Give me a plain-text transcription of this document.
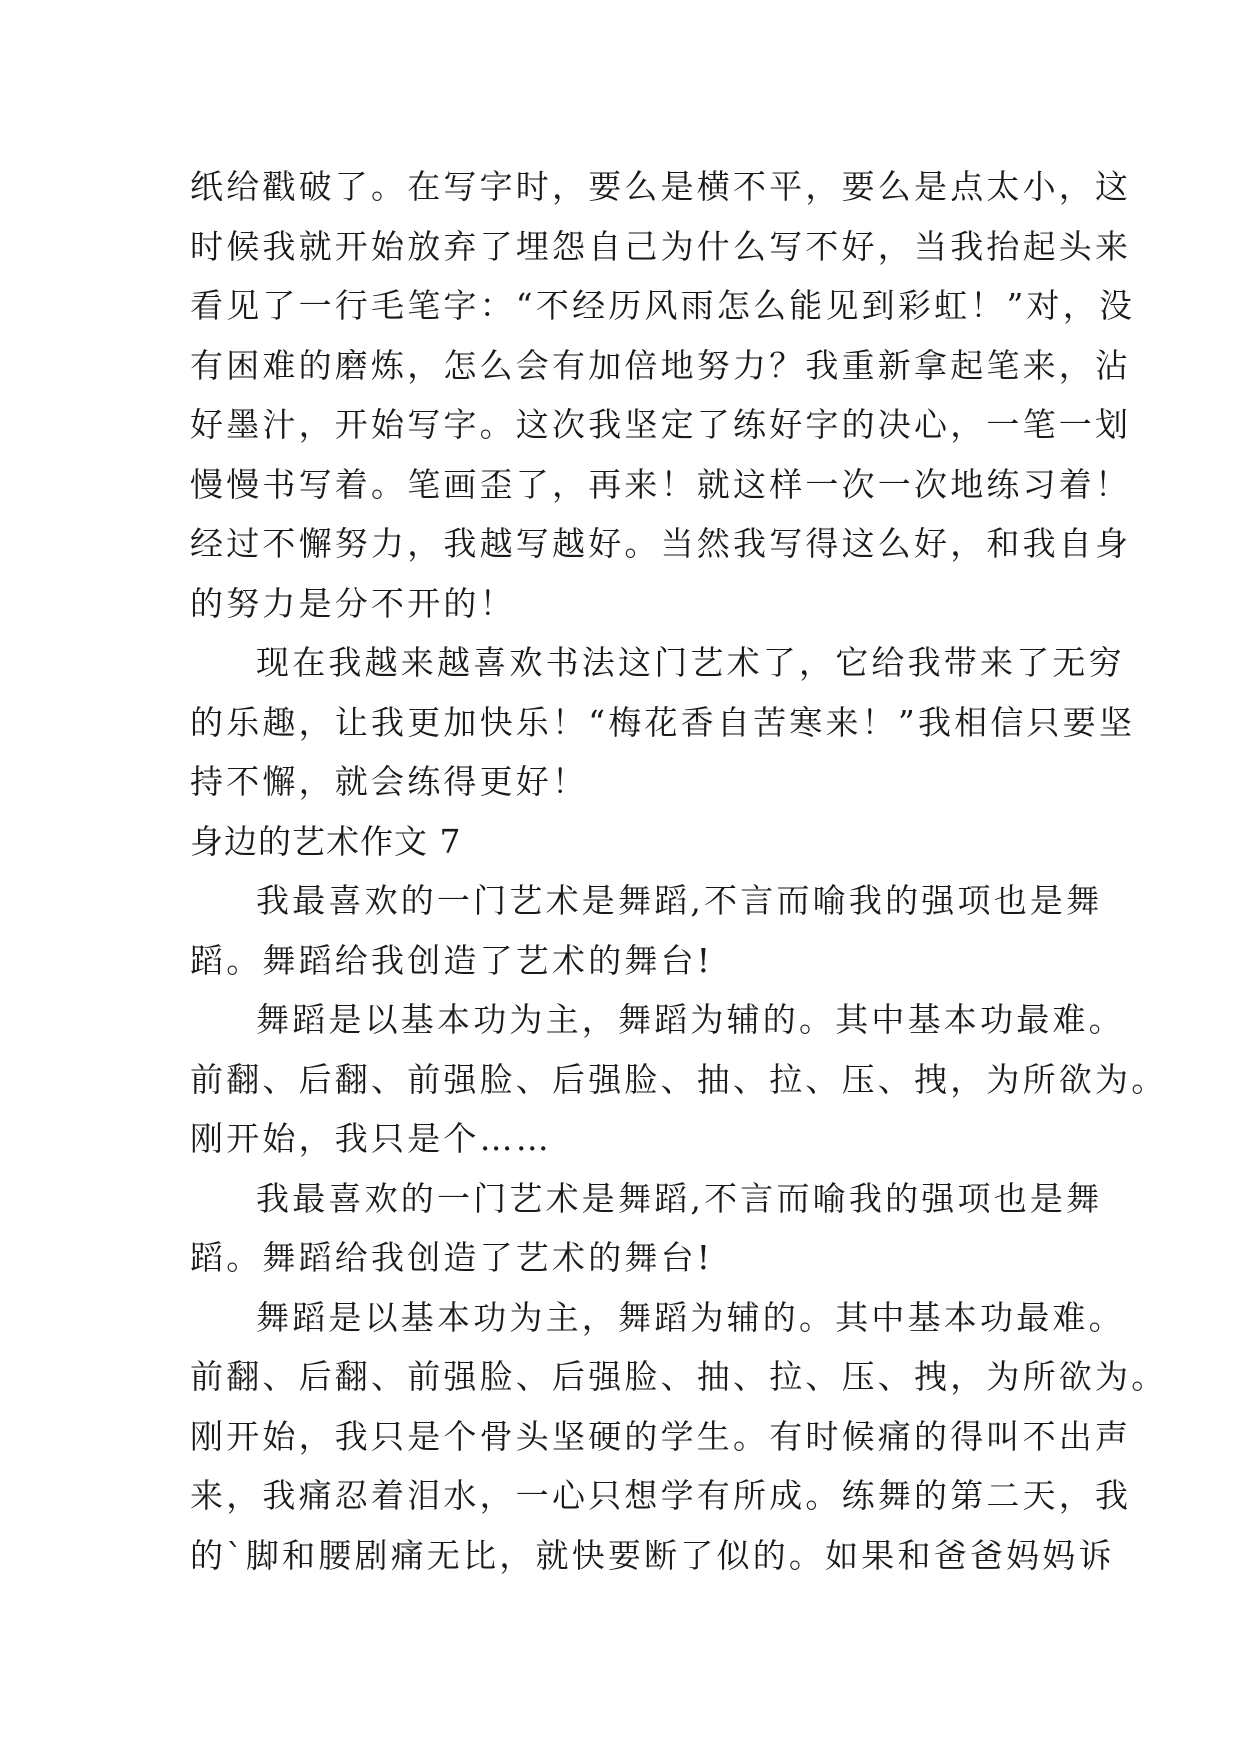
纸给戳破了。在写字时，要么是横不平，要么是点太小，这
时候我就开始放弃了埋怨自己为什么写不好，当我抬起头来
看见了一行毛笔字：“不经历风雨怎么能见到彩虹！”对，没
有困难的磨炼，怎么会有加倍地努力？我重新拿起笔来，沾
好墨汁，开始写字。这次我坚定了练好字的决心，一笔一划
慢慢书写着。笔画歪了，再来！就这样一次一次地练习着！
经过不懈努力，我越写越好。当然我写得这么好，和我自身
的努力是分不开的！
现在我越来越喜欢书法这门艺术了，它给我带来了无穷
的乐趣，让我更加快乐！“梅花香自苦寒来！”我相信只要坚
持不懈，就会练得更好！
身边的艺术作文 7
我最喜欢的一门艺术是舞蹈,不言而喻我的强项也是舞
蹈。舞蹈给我创造了艺术的舞台!
舞蹈是以基本功为主，舞蹈为辅的。其中基本功最难。
前翻、后翻、前强脸、后强脸、抽、拉、压、拽，为所欲为。
刚开始，我只是个……
我最喜欢的一门艺术是舞蹈,不言而喻我的强项也是舞
蹈。舞蹈给我创造了艺术的舞台!
舞蹈是以基本功为主，舞蹈为辅的。其中基本功最难。
前翻、后翻、前强脸、后强脸、抽、拉、压、拽，为所欲为。
刚开始，我只是个骨头坚硬的学生。有时候痛的得叫不出声
来，我痛忍着泪水，一心只想学有所成。练舞的第二天，我
的`脚和腰剧痛无比，就快要断了似的。如果和爸爸妈妈诉
